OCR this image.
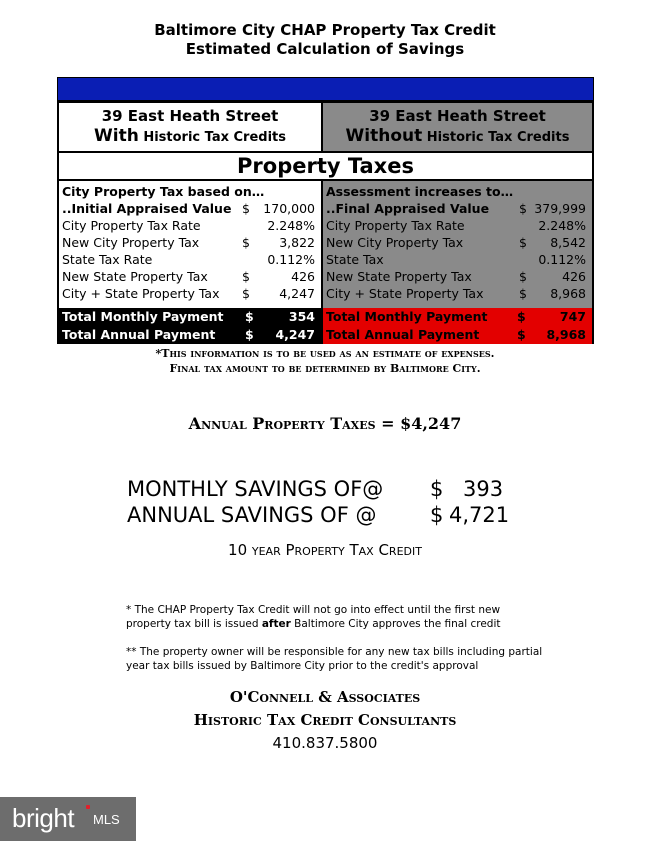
Baltimore City CHAP Property Tax Credit
Estimated Calculation of Savings
39 East Heath Street
With Historic Tax Credits
39 East Heath Street
Without Historic Tax Credits
Property Taxes
City Property Tax based on…
..Initial Appraised Value $ 170,000
City Property Tax Rate	2.248%
New City Property Tax	$ 3,822
State Tax Rate	0.112%
New State Property Tax	$	426
City + State Property Tax $ 4,247
Assessment increases to…
..Final Appraised Value $ 379,999
City Property Tax Rate	2.248%
New City Property Tax	$ 8,542
State Tax	0.112%
New State Property Tax	$	426
City + State Property Tax	$ 8,968
Total Monthly Payment $	354
Total Annual Payment $ 4,247
Total Monthly Payment $	747
Total Annual Payment	$ 8,968
*This information is to be used as an estimate of expenses.
Final tax amount to be determined by Baltimore City.
Annual Property Taxes = $4,247
MONTHLY SAVINGS OF@ $ 393
ANNUAL SAVINGS OF @	$ 4,721
10 year Property Tax Credit
* The CHAP Property Tax Credit will not go into effect until the first new property tax bill is issued after Baltimore City approves the final credit
** The property owner will be responsible for any new tax bills including partial year tax bills issued by Baltimore City prior to the credit's approval
O'Connell & Associates
Historic Tax Credit Consultants
410.837.5800
bright MLS
